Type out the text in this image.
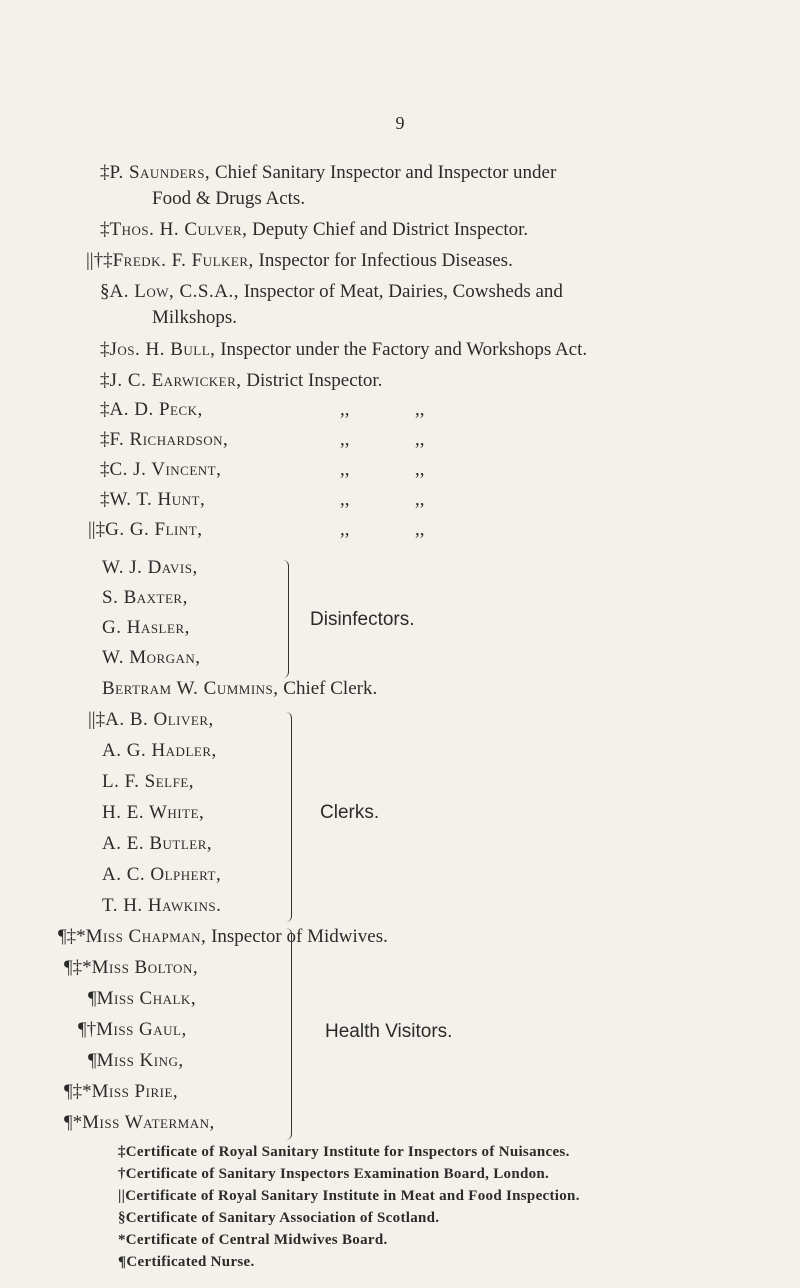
9
‡P. Saunders, Chief Sanitary Inspector and Inspector under
Food & Drugs Acts.
‡Thos. H. Culver, Deputy Chief and District Inspector.
||†‡Fredk. F. Fulker, Inspector for Infectious Diseases.
§A. Low, C.S.A., Inspector of Meat, Dairies, Cowsheds and
Milkshops.
‡Jos. H. Bull, Inspector under the Factory and Workshops Act.
‡J. C. Earwicker, District Inspector.
‡A. D. Peck,	,,	,,
‡F. Richardson,	,,	,,
‡C. J. Vincent,	,,	,,
‡W. T. Hunt,	,,	,,
||‡G. G. Flint,	,,	,,
W. J. Davis,
S. Baxter,
G. Hasler,
W. Morgan,
Disinfectors.
Bertram W. Cummins, Chief Clerk.
||‡A. B. Oliver,
A. G. Hadler,
L. F. Selfe,
H. E. White,
A. E. Butler,
A. C. Olphert,
T. H. Hawkins.
Clerks.
¶‡*Miss Chapman, Inspector of Midwives.
¶‡*Miss Bolton,
¶Miss Chalk,
¶†Miss Gaul,
¶Miss King,
¶‡*Miss Pirie,
¶*Miss Waterman,
Health Visitors.
‡Certificate of Royal Sanitary Institute for Inspectors of Nuisances.
†Certificate of Sanitary Inspectors Examination Board, London.
||Certificate of Royal Sanitary Institute in Meat and Food Inspection.
§Certificate of Sanitary Association of Scotland.
*Certificate of Central Midwives Board.
¶Certificated Nurse.
